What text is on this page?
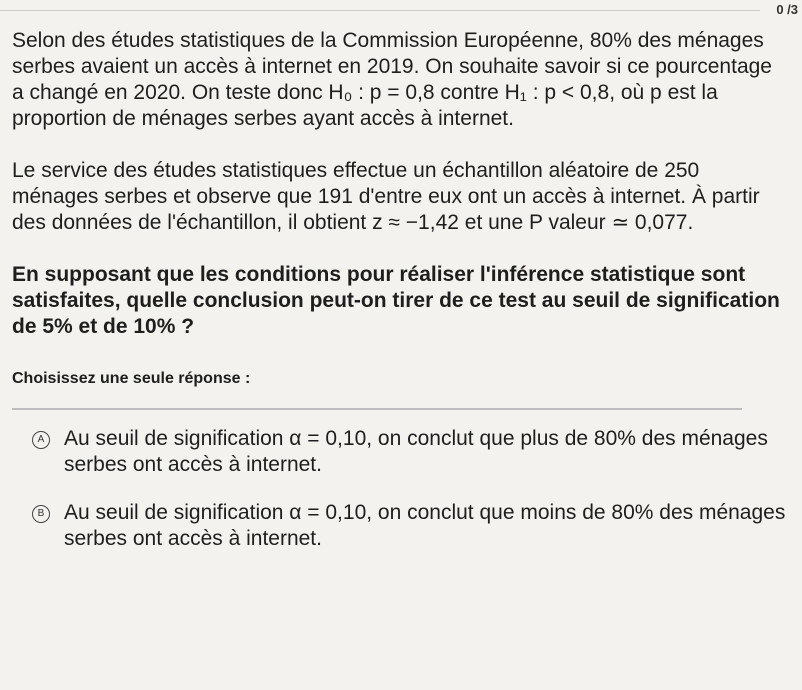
0 /3

Selon des études statistiques de la Commission Européenne, 80% des ménages serbes avaient un accès à internet en 2019. On souhaite savoir si ce pourcentage a changé en 2020. On teste donc H₀ : p = 0,8 contre H₁ : p < 0,8, où p est la proportion de ménages serbes ayant accès à internet.

Le service des études statistiques effectue un échantillon aléatoire de 250 ménages serbes et observe que 191 d'entre eux ont un accès à internet. À partir des données de l'échantillon, il obtient z ≈ −1,42 et une P valeur ≃ 0,077.

En supposant que les conditions pour réaliser l'inférence statistique sont satisfaites, quelle conclusion peut-on tirer de ce test au seuil de signification de 5% et de 10% ?

Choisissez une seule réponse :
A Au seuil de signification α = 0,10, on conclut que plus de 80% des ménages serbes ont accès à internet.
B Au seuil de signification α = 0,10, on conclut que moins de 80% des ménages serbes ont accès à internet.
